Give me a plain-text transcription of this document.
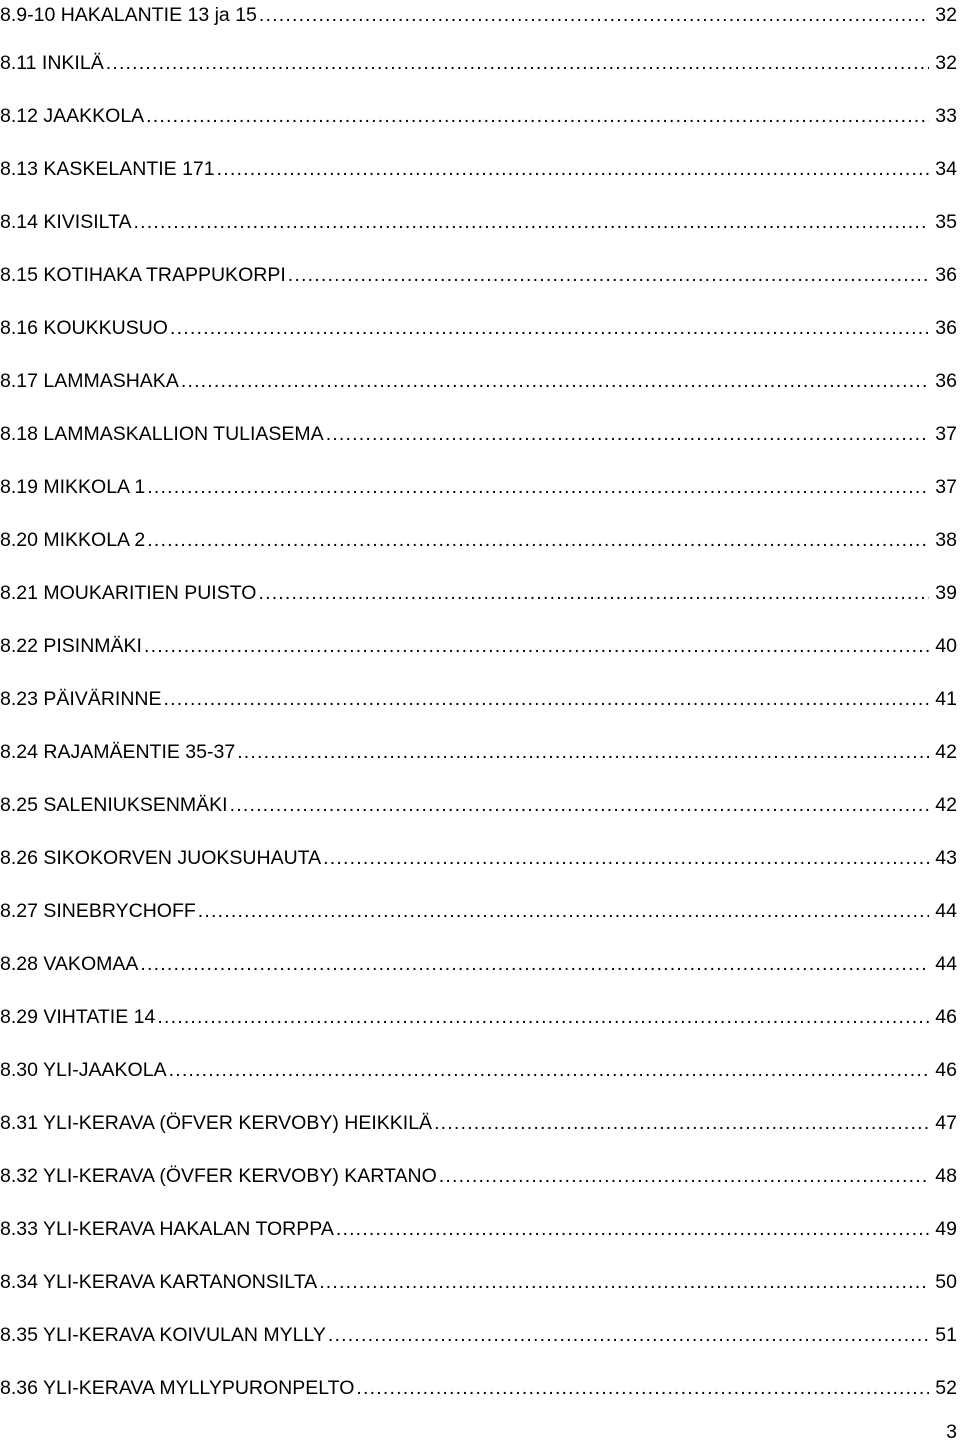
8.9-10 HAKALANTIE 13 ja 15 .....	32
8.11 INKILÄ .....	32
8.12 JAAKKOLA .....	33
8.13 KASKELANTIE 171 .....	34
8.14 KIVISILTA .....	35
8.15 KOTIHAKA TRAPPUKORPI .....	36
8.16 KOUKKUSUO .....	36
8.17 LAMMASHAKA .....	36
8.18 LAMMASKALLION TULIASEMA .....	37
8.19 MIKKOLA 1 .....	37
8.20 MIKKOLA 2 .....	38
8.21 MOUKARITIEN PUISTO .....	39
8.22 PISINMÄKI .....	40
8.23 PÄIVÄRINNE .....	41
8.24 RAJAMÄENTIE 35-37 .....	42
8.25 SALENIUKSENMÄKI .....	42
8.26 SIKOKORVEN JUOKSUHAUTA .....	43
8.27 SINEBRYCHOFF .....	44
8.28 VAKOMAA .....	44
8.29 VIHTATIE 14 .....	46
8.30 YLI-JAAKOLA .....	46
8.31 YLI-KERAVA (ÖFVER KERVOBY) HEIKKILÄ .....	47
8.32 YLI-KERAVA (ÖVFER KERVOBY) KARTANO .....	48
8.33 YLI-KERAVA HAKALAN TORPPA .....	49
8.34 YLI-KERAVA KARTANONSILTA .....	50
8.35 YLI-KERAVA KOIVULAN MYLLY .....	51
8.36 YLI-KERAVA MYLLYPURONPELTO .....	52
3
